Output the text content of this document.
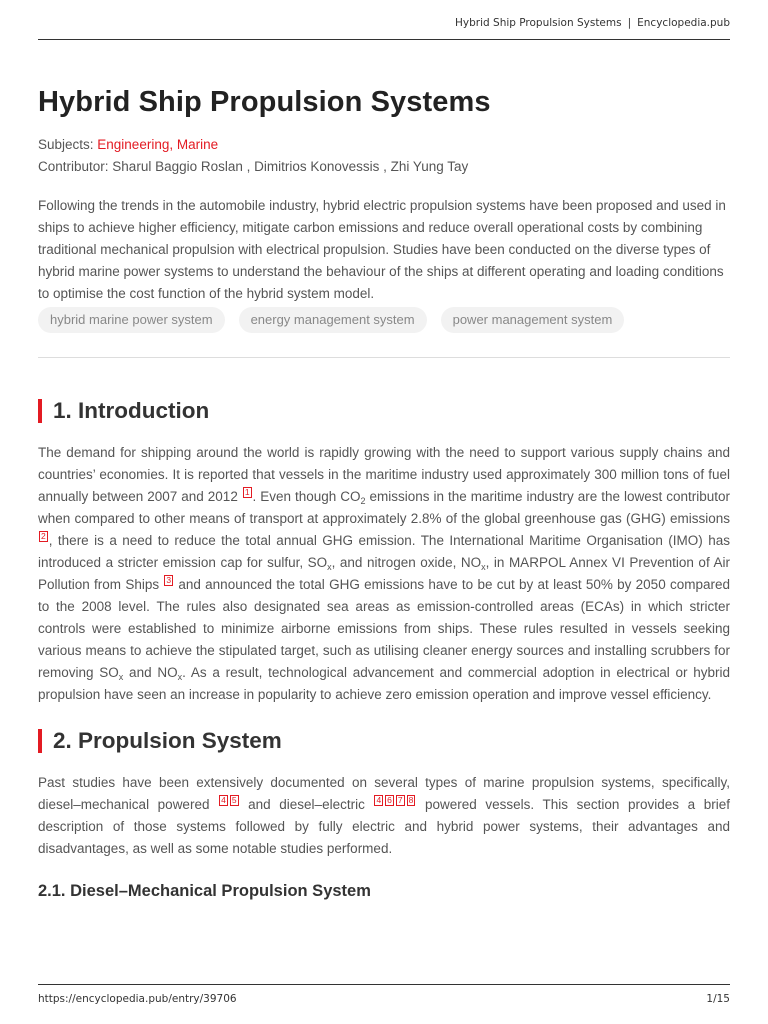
Hybrid Ship Propulsion Systems | Encyclopedia.pub
Hybrid Ship Propulsion Systems
Subjects: Engineering, Marine
Contributor: Sharul Baggio Roslan , Dimitrios Konovessis , Zhi Yung Tay
Following the trends in the automobile industry, hybrid electric propulsion systems have been proposed and used in ships to achieve higher efficiency, mitigate carbon emissions and reduce overall operational costs by combining traditional mechanical propulsion with electrical propulsion. Studies have been conducted on the diverse types of hybrid marine power systems to understand the behaviour of the ships at different operating and loading conditions to optimise the cost function of the hybrid system model.
hybrid marine power system	energy management system	power management system
1. Introduction
The demand for shipping around the world is rapidly growing with the need to support various supply chains and countries’ economies. It is reported that vessels in the maritime industry used approximately 300 million tons of fuel annually between 2007 and 2012 1 . Even though $CO_2$ emissions in the maritime industry are the lowest contributor when compared to other means of transport at approximately 2.8% of the global greenhouse gas (GHG) emissions 2 , there is a need to reduce the total annual GHG emission. The International Maritime Organisation (IMO) has introduced a stricter emission cap for sulfur, $SO_x$, and nitrogen oxide, $NO_x$, in MARPOL Annex VI Prevention of Air Pollution from Ships 3 and announced the total GHG emissions have to be cut by at least 50% by 2050 compared to the 2008 level. The rules also designated sea areas as emission-controlled areas (ECAs) in which stricter controls were established to minimize airborne emissions from ships. These rules resulted in vessels seeking various means to achieve the stipulated target, such as utilising cleaner energy sources and installing scrubbers for removing $SO_x$ and $NO_x$. As a result, technological advancement and commercial adoption in electrical or hybrid propulsion have seen an increase in popularity to achieve zero emission operation and improve vessel efficiency.
2. Propulsion System
Past studies have been extensively documented on several types of marine propulsion systems, specifically, diesel–mechanical powered 4 5 and diesel–electric 4 6 7 8 powered vessels. This section provides a brief description of those systems followed by fully electric and hybrid power systems, their advantages and disadvantages, as well as some notable studies performed.
2.1. Diesel–Mechanical Propulsion System
https://encyclopedia.pub/entry/39706	1/15
